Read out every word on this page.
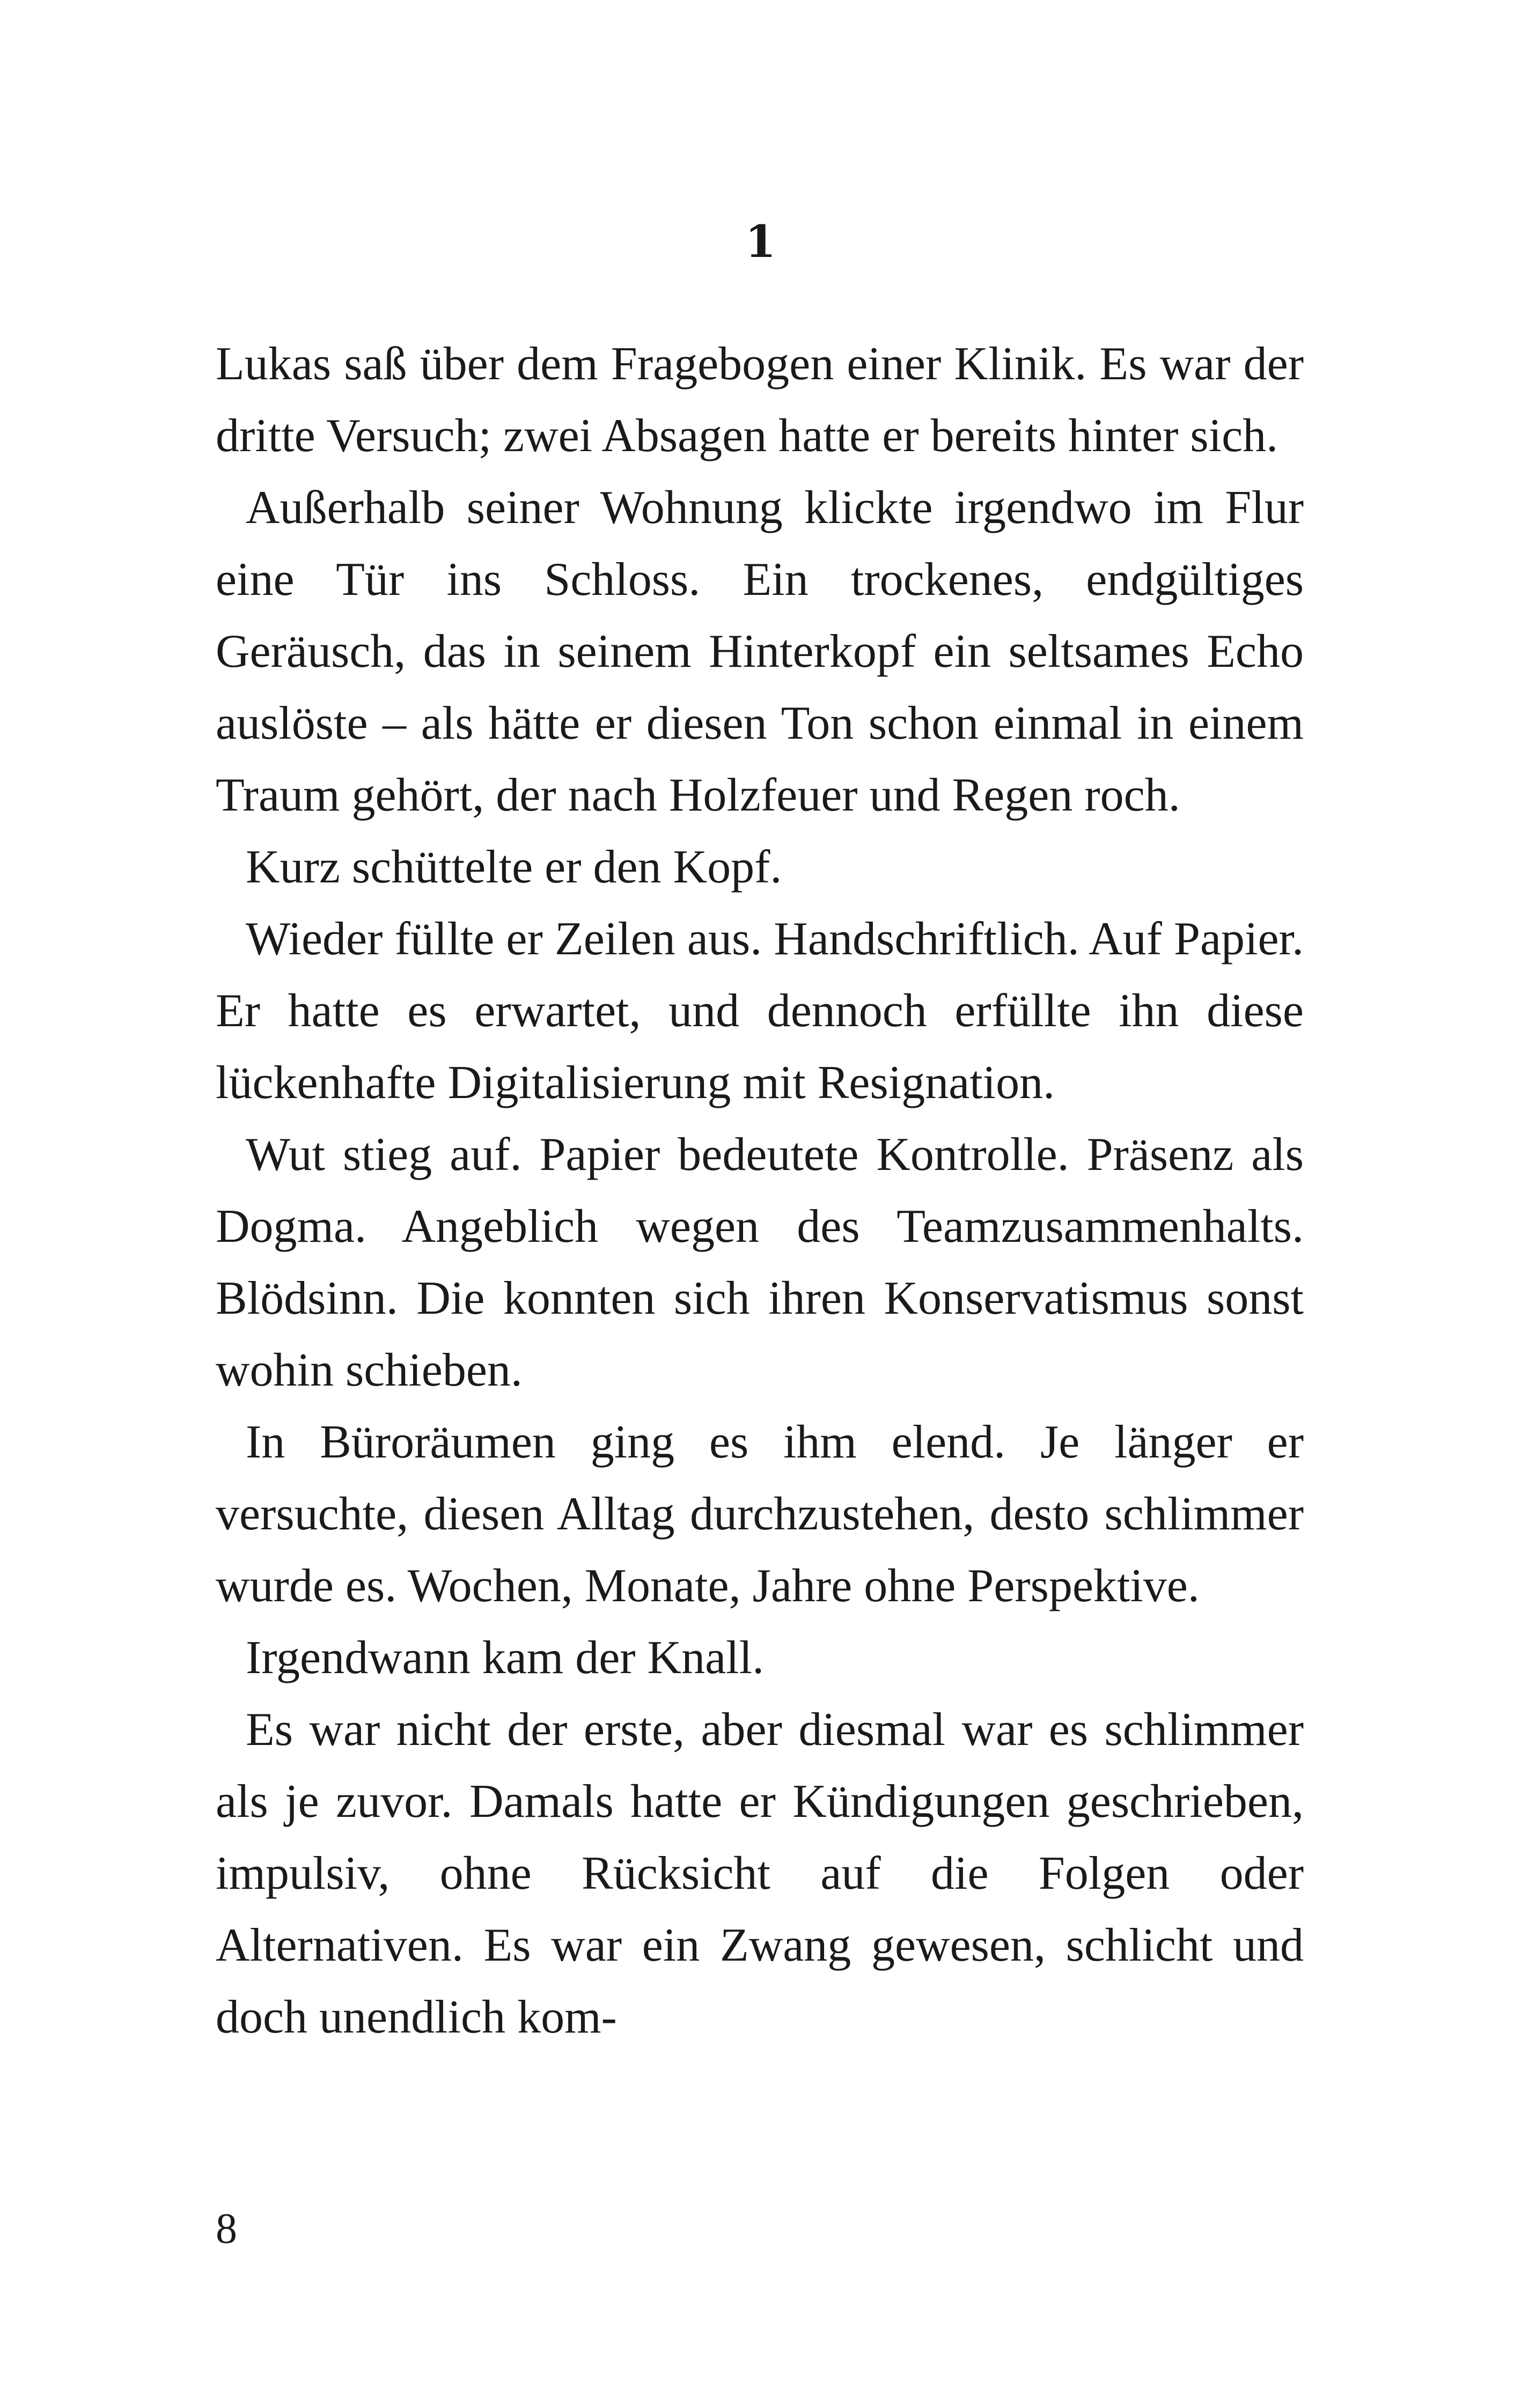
1

Lukas saß über dem Fragebogen einer Klinik. Es war der dritte Versuch; zwei Absagen hatte er bereits hinter sich.

Außerhalb seiner Wohnung klickte irgendwo im Flur eine Tür ins Schloss. Ein trockenes, endgültiges Geräusch, das in seinem Hinterkopf ein seltsames Echo auslöste – als hätte er diesen Ton schon einmal in einem Traum gehört, der nach Holzfeuer und Regen roch.

Kurz schüttelte er den Kopf.

Wieder füllte er Zeilen aus. Handschriftlich. Auf Papier. Er hatte es erwartet, und dennoch erfüllte ihn diese lückenhafte Digitalisierung mit Resignation.

Wut stieg auf. Papier bedeutete Kontrolle. Präsenz als Dogma. Angeblich wegen des Teamzusammenhalts. Blödsinn. Die konnten sich ihren Konservatismus sonst wohin schieben.

In Büroräumen ging es ihm elend. Je länger er versuchte, diesen Alltag durchzustehen, desto schlimmer wurde es. Wochen, Monate, Jahre ohne Perspektive.

Irgendwann kam der Knall.

Es war nicht der erste, aber diesmal war es schlimmer als je zuvor. Damals hatte er Kündigungen geschrieben, impulsiv, ohne Rücksicht auf die Folgen oder Alternativen. Es war ein Zwang gewesen, schlicht und doch unendlich kom-

8
